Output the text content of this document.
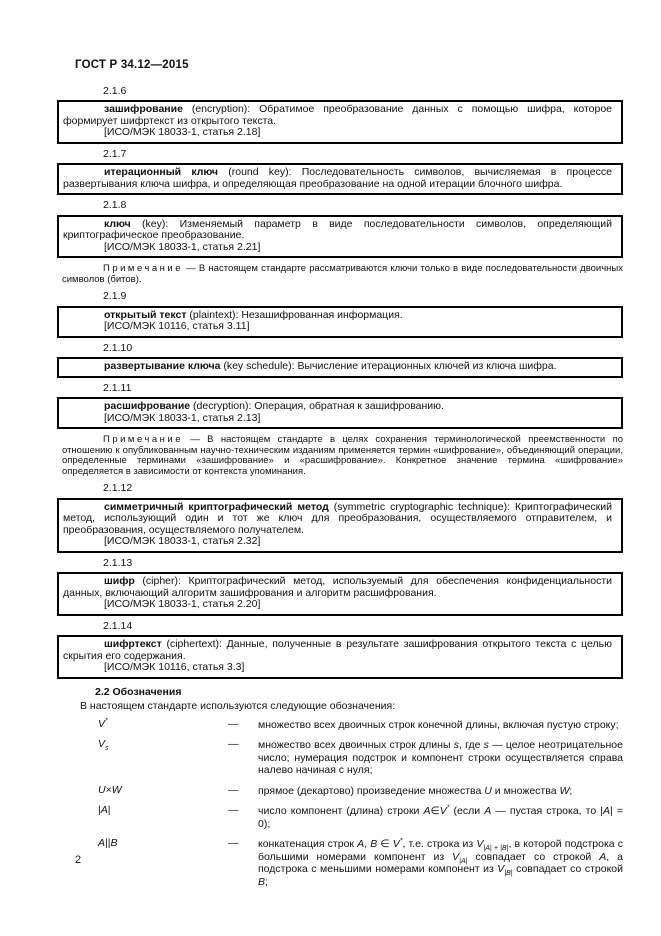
ГОСТ Р 34.12—2015
2.1.6

зашифрование (encryption): Обратимое преобразование данных с помощью шифра, которое формирует шифртекст из открытого текста.

[ИСО/МЭК 18033-1, статья 2.18]

2.1.7

итерационный ключ (round key): Последовательность символов, вычисляемая в процессе развертывания ключа шифра, и определяющая преобразование на одной итерации блочного шифра.

2.1.8

ключ (key): Изменяемый параметр в виде последовательности символов, определяющий криптографическое преобразование.

[ИСО/МЭК 18033-1, статья 2.21]

Примечание — В настоящем стандарте рассматриваются ключи только в виде последовательности двоичных символов (битов).

2.1.9

открытый текст (plaintext): Незашифрованная информация.

[ИСО/МЭК 10116, статья 3.11]

2.1.10

развертывание ключа (key schedule): Вычисление итерационных ключей из ключа шифра.

2.1.11

расшифрование (decryption): Операция, обратная к зашифрованию.

[ИСО/МЭК 18033-1, статья 2.13]

Примечание — В настоящем стандарте в целях сохранения терминологической преемственности по отношению к опубликованным научно-техническим изданиям применяется термин «шифрование», объединяющий операции, определенные терминами «зашифрование» и «расшифрование». Конкретное значение термина «шифрование» определяется в зависимости от контекста упоминания.

2.1.12

симметричный криптографический метод (symmetric cryptographic technique): Криптографический метод, использующий один и тот же ключ для преобразования, осуществляемого отправителем, и преобразования, осуществляемого получателем.

[ИСО/МЭК 18033-1, статья 2.32]

2.1.13

шифр (cipher): Криптографический метод, используемый для обеспечения конфиденциальности данных, включающий алгоритм зашифрования и алгоритм расшифрования.

[ИСО/МЭК 18033-1, статья 2.20]

2.1.14

шифртекст (ciphertext): Данные, полученные в результате зашифрования открытого текста с целью скрытия его содержания.

[ИСО/МЭК 10116, статья 3.3]

2.2 Обозначения

В настоящем стандарте используются следующие обозначения:

V*	—	множество всех двоичных строк конечной длины, включая пустую строку;
$V_s$	—	множество всех двоичных строк длины s, где s — целое неотрицательное число; нумерация подстрок и компонент строки осуществляется справа налево начиная с нуля;
U×W	—	прямое (декартово) произведение множества U и множества W;
|A|	—	число компонент (длина) строки A∈V* (если A — пустая строка, то |A| = 0);
A||B	—	конкатенация строк A, B ∈ V*, т.е. строка из $V_{|A| + |B|}$, в которой подстрока с большими номерами компонент из $V_{|A|}$ совпадает со строкой A, а подстрока с меньшими номерами компонент из $V_{|B|}$ совпадает со строкой B;
2
